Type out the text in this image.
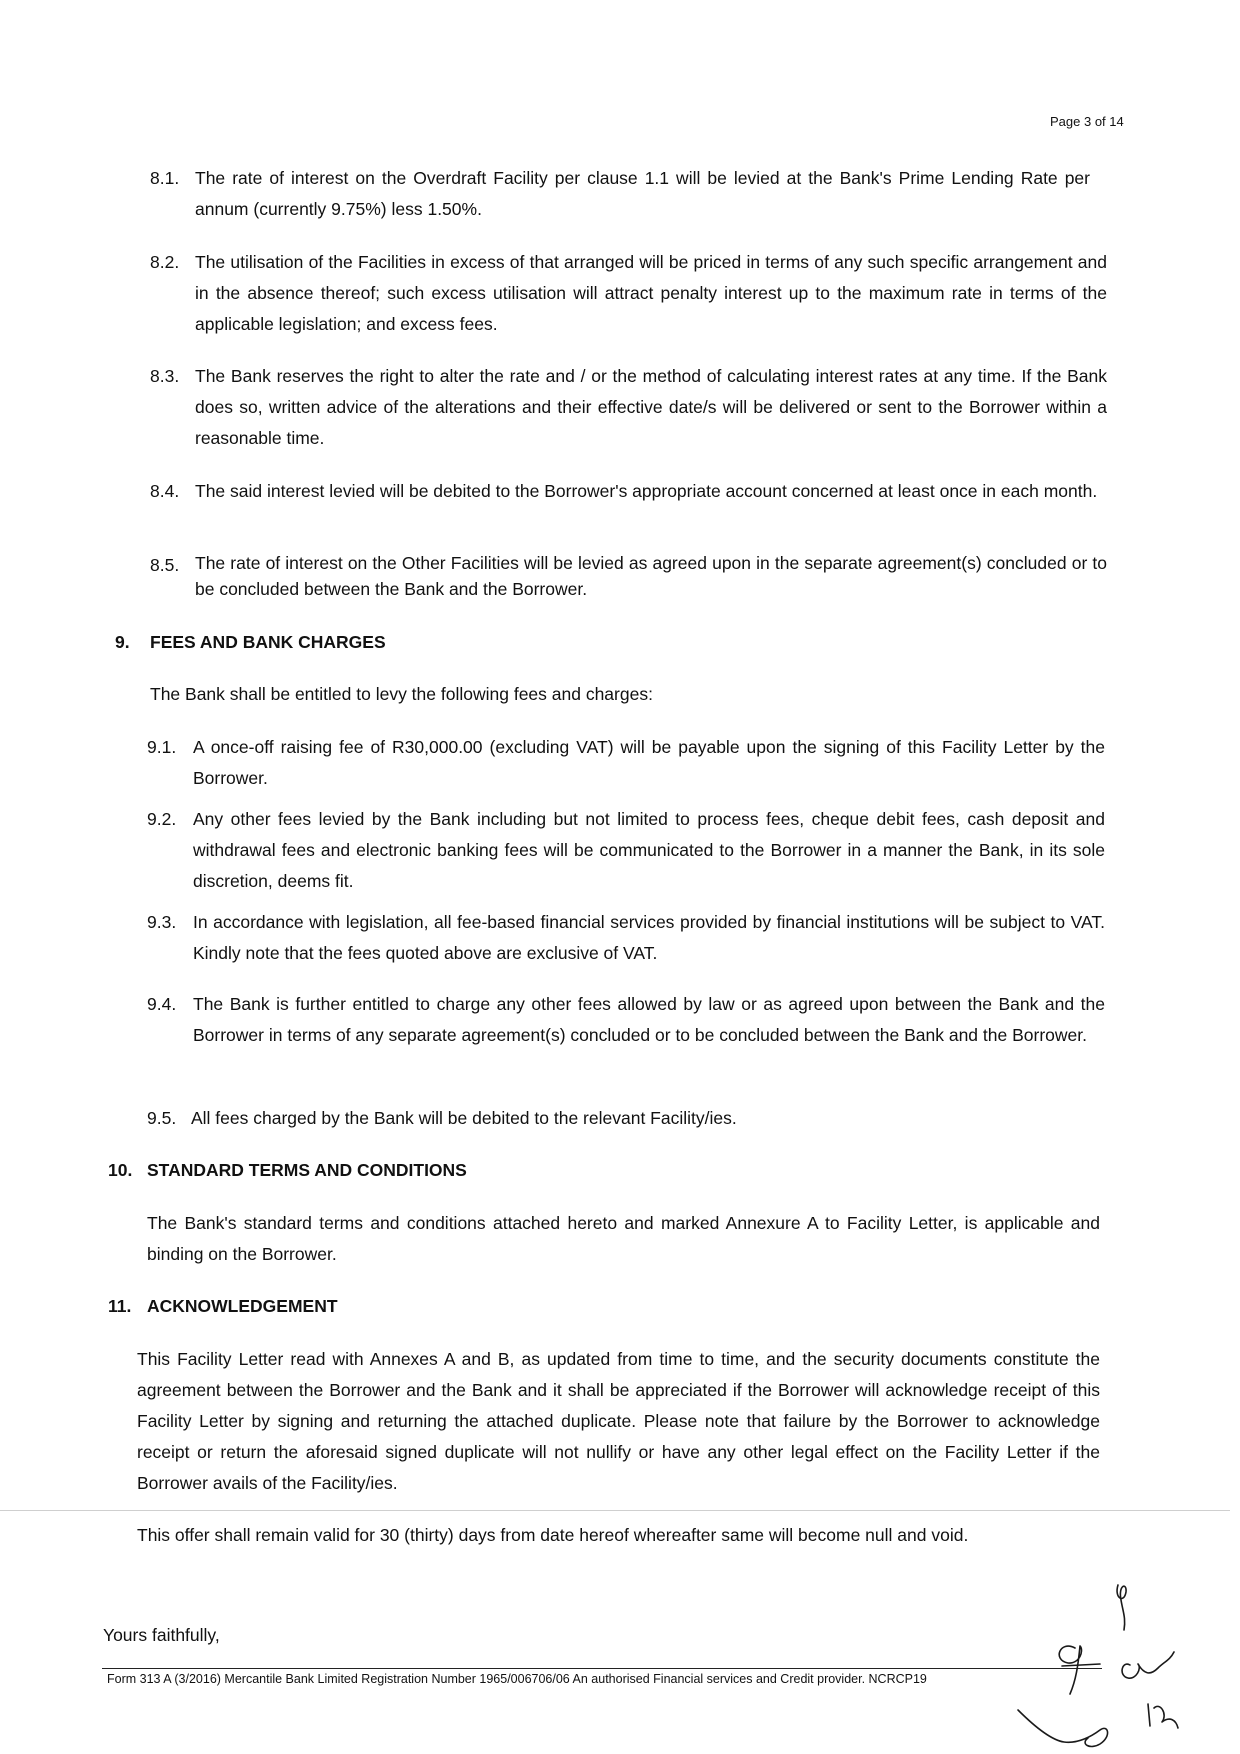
Page 3 of 14
8.1. The rate of interest on the Overdraft Facility per clause 1.1 will be levied at the Bank's Prime Lending Rate per annum (currently 9.75%) less 1.50%.
8.2. The utilisation of the Facilities in excess of that arranged will be priced in terms of any such specific arrangement and in the absence thereof; such excess utilisation will attract penalty interest up to the maximum rate in terms of the applicable legislation; and excess fees.
8.3. The Bank reserves the right to alter the rate and / or the method of calculating interest rates at any time. If the Bank does so, written advice of the alterations and their effective date/s will be delivered or sent to the Borrower within a reasonable time.
8.4. The said interest levied will be debited to the Borrower's appropriate account concerned at least once in each month.
8.5. The rate of interest on the Other Facilities will be levied as agreed upon in the separate agreement(s) concluded or to be concluded between the Bank and the Borrower.
9. FEES AND BANK CHARGES
The Bank shall be entitled to levy the following fees and charges:
9.1. A once-off raising fee of R30,000.00 (excluding VAT) will be payable upon the signing of this Facility Letter by the Borrower.
9.2. Any other fees levied by the Bank including but not limited to process fees, cheque debit fees, cash deposit and withdrawal fees and electronic banking fees will be communicated to the Borrower in a manner the Bank, in its sole discretion, deems fit.
9.3. In accordance with legislation, all fee-based financial services provided by financial institutions will be subject to VAT. Kindly note that the fees quoted above are exclusive of VAT.
9.4. The Bank is further entitled to charge any other fees allowed by law or as agreed upon between the Bank and the Borrower in terms of any separate agreement(s) concluded or to be concluded between the Bank and the Borrower.
9.5. All fees charged by the Bank will be debited to the relevant Facility/ies.
10. STANDARD TERMS AND CONDITIONS
The Bank's standard terms and conditions attached hereto and marked Annexure A to Facility Letter, is applicable and binding on the Borrower.
11. ACKNOWLEDGEMENT
This Facility Letter read with Annexes A and B, as updated from time to time, and the security documents constitute the agreement between the Borrower and the Bank and it shall be appreciated if the Borrower will acknowledge receipt of this Facility Letter by signing and returning the attached duplicate. Please note that failure by the Borrower to acknowledge receipt or return the aforesaid signed duplicate will not nullify or have any other legal effect on the Facility Letter if the Borrower avails of the Facility/ies.
This offer shall remain valid for 30 (thirty) days from date hereof whereafter same will become null and void.
Yours faithfully,
Form 313 A (3/2016) Mercantile Bank Limited Registration Number 1965/006706/06 An authorised Financial services and Credit provider. NCRCP19
